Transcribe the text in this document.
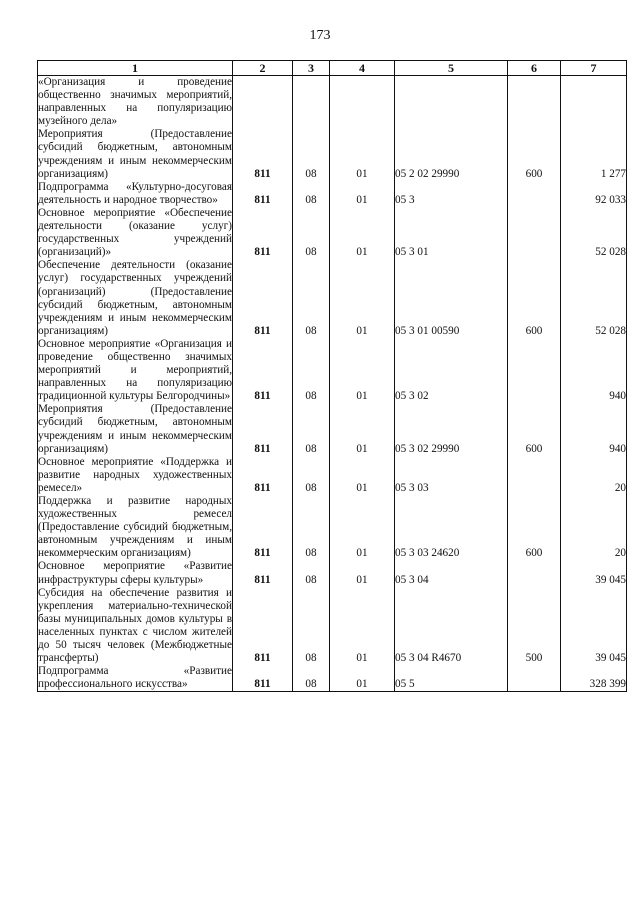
173
1	2	3	4	5	6	7
«Организация и проведение общественно значимых мероприятий, направленных на популяризацию музейного дела»						
Мероприятия (Предоставление субсидий бюджетным, автономным учреждениям и иным некоммерческим организациям)	811	08	01	05 2 02 29990	600	1 277
Подпрограмма «Культурно-досуговая деятельность и народное творчество»	811	08	01	05 3		92 033
Основное мероприятие «Обеспечение деятельности (оказание услуг) государственных учреждений (организаций)»	811	08	01	05 3 01		52 028
Обеспечение деятельности (оказание услуг) государственных учреждений (организаций) (Предоставление субсидий бюджетным, автономным учреждениям и иным некоммерческим организациям)	811	08	01	05 3 01 00590	600	52 028
Основное мероприятие «Организация и проведение общественно значимых мероприятий и мероприятий, направленных на популяризацию традиционной культуры Белгородчины»	811	08	01	05 3 02		940
Мероприятия (Предоставление субсидий бюджетным, автономным учреждениям и иным некоммерческим организациям)	811	08	01	05 3 02 29990	600	940
Основное мероприятие «Поддержка и развитие народных художественных ремесел»	811	08	01	05 3 03		20
Поддержка и развитие народных художественных ремесел (Предоставление субсидий бюджетным, автономным учреждениям и иным некоммерческим организациям)	811	08	01	05 3 03 24620	600	20
Основное мероприятие «Развитие инфраструктуры сферы культуры»	811	08	01	05 3 04		39 045
Субсидия на обеспечение развития и укрепления материально-технической базы муниципальных домов культуры в населенных пунктах с числом жителей до 50 тысяч человек (Межбюджетные трансферты)	811	08	01	05 3 04 R4670	500	39 045
Подпрограмма «Развитие профессионального искусства»	811	08	01	05 5		328 399
